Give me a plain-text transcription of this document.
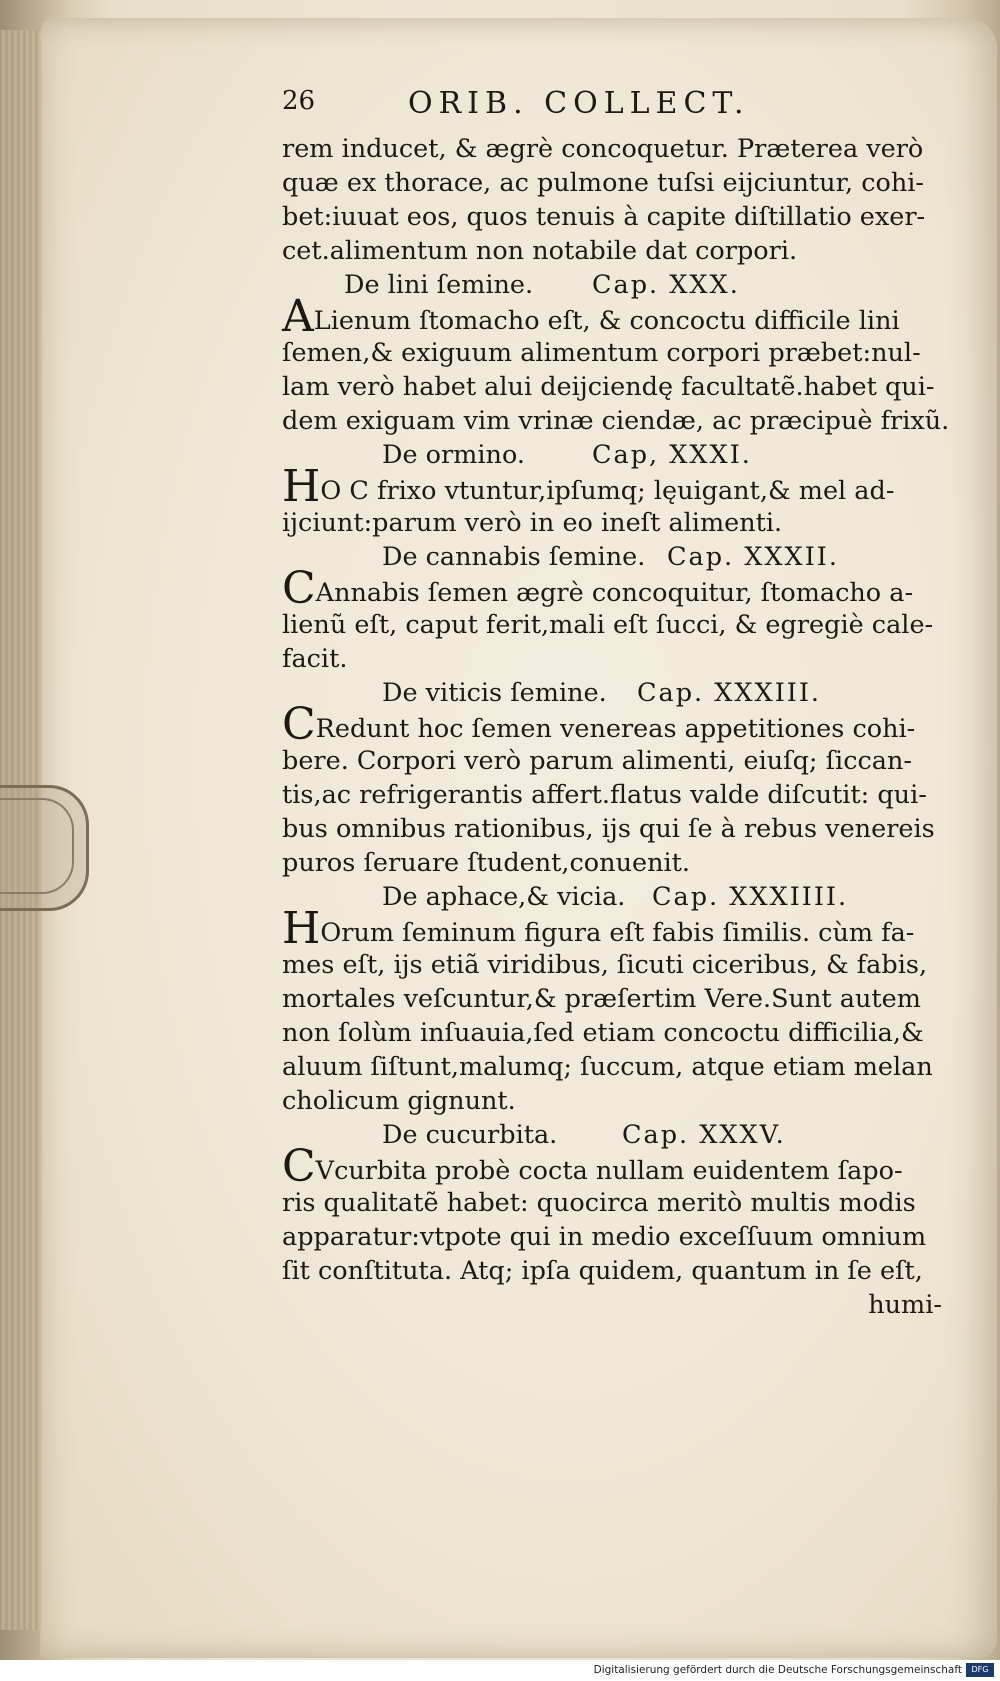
26	ORIB. COLLECT.
rem inducet, & ægrè concoquetur. Præterea verò
quæ ex thorace, ac pulmone tuſsi eijciuntur, cohi-
bet:iuuat eos, quos tenuis à capite diſtillatio exer-
cet.alimentum non notabile dat corpori.
De lini ſemine. Cap. XXX.
ALienum ſtomacho eſt, & concoctu difficile lini
ſemen,& exiguum alimentum corpori præbet:nul-
lam verò habet alui deijciendę facultatẽ.habet qui-
dem exiguam vim vrinæ ciendæ, ac præcipuè frixũ.
De ormino.	Cap, XXXI.
HO C frixo vtuntur,ipſumq; lęuigant,& mel ad-
ijciunt:parum verò in eo ineſt alimenti.
De cannabis ſemine. Cap. XXXII.
CAnnabis ſemen ægrè concoquitur, ſtomacho a-
lienũ eſt, caput ferit,mali eſt ſucci, & egregiè cale-
facit.
De viticis ſemine. Cap. XXXIII.
CRedunt hoc ſemen venereas appetitiones cohi-
bere. Corpori verò parum alimenti, eiuſq; ſiccan-
tis,ac refrigerantis affert.flatus valde diſcutit: qui-
bus omnibus rationibus, ijs qui ſe à rebus venereis
puros ſeruare ſtudent,conuenit.
De aphace,& vicia. Cap. XXXIIII.
HOrum ſeminum figura eſt fabis ſimilis. cùm fa-
mes eſt, ijs etiã viridibus, ſicuti ciceribus, & fabis,
mortales veſcuntur,& præſertim Vere.Sunt autem
non ſolùm inſuauia,ſed etiam concoctu difficilia,&
aluum ſiſtunt,malumq; ſuccum, atque etiam melan
cholicum gignunt.
De cucurbita.	Cap. XXXV.
CVcurbita probè cocta nullam euidentem ſapo-
ris qualitatẽ habet: quocirca meritò multis modis
apparatur:vtpote qui in medio exceſſuum omnium
ſit conſtituta. Atq; ipſa quidem, quantum in ſe eſt,
humi-
Digitalisierung gefördert durch die Deutsche Forschungsgemeinschaft	DFG
